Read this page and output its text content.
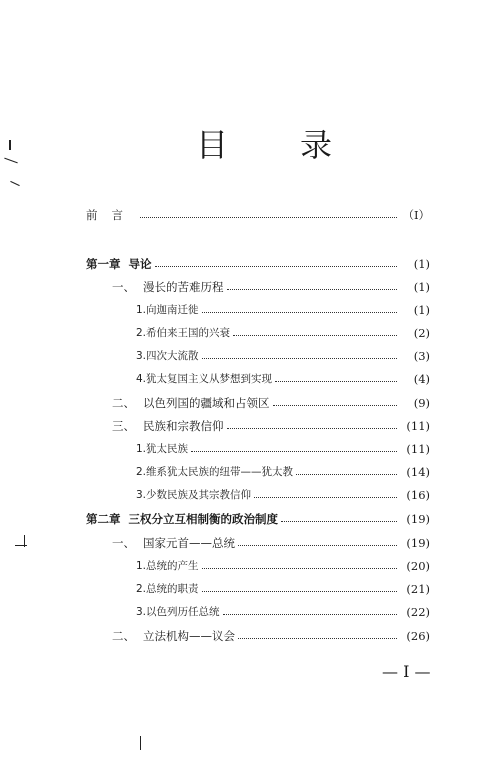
目 录
前言	（Ⅰ）
第一章 导论	(1)
一、 漫长的苦难历程	(1)
1.向迦南迁徙	(1)
2.希伯来王国的兴衰	(2)
3.四次大流散	(3)
4.犹太复国主义从梦想到实现	(4)
二、 以色列国的疆域和占领区	(9)
三、 民族和宗教信仰	(11)
1.犹太民族	(11)
2.维系犹太民族的纽带——犹太教	(14)
3.少数民族及其宗教信仰	(16)
第二章 三权分立互相制衡的政治制度	(19)
一、 国家元首——总统	(19)
1.总统的产生	(20)
2.总统的职责	(21)
3.以色列历任总统	(22)
二、 立法机构——议会	(26)
— Ⅰ —
